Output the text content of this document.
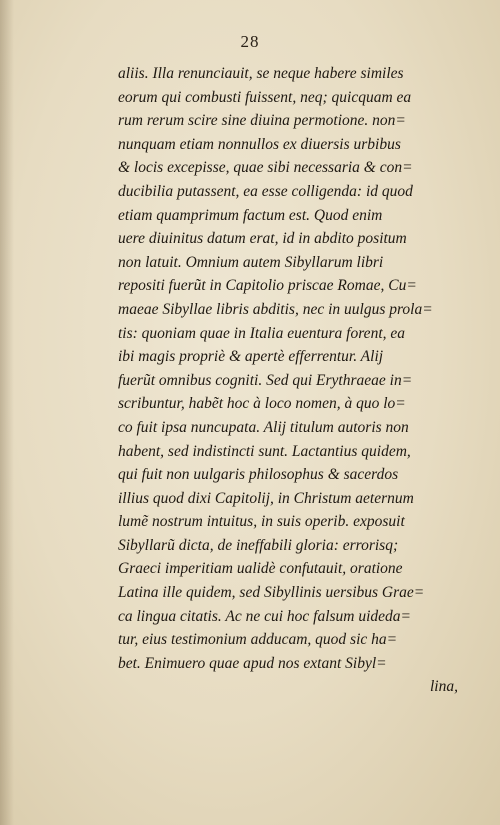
28
aliis. Illa renunciauit, se neque habere similes
eorum qui combusti fuissent, neq; quicquam ea
rum rerum scire sine diuina permotione. non=
nunquam etiam nonnullos ex diuersis urbibus
& locis excepisse, quae sibi necessaria & con=
ducibilia putassent, ea esse colligenda: id quod
etiam quamprimum factum est. Quod enim
uere diuinitus datum erat, id in abdito positum
non latuit. Omnium autem Sibyllarum libri
repositi fuerũt in Capitolio priscae Romae, Cu=
maeae Sibyllae libris abditis, nec in uulgus prola=
tis: quoniam quae in Italia euentura forent, ea
ibi magis propriè & apertè efferrentur. Alij
fuerũt omnibus cogniti. Sed qui Erythraeae in=
scribuntur, habẽt hoc à loco nomen, à quo lo=
co fuit ipsa nuncupata. Alij titulum autoris non
habent, sed indistincti sunt. Lactantius quidem,
qui fuit non uulgaris philosophus & sacerdos
illius quod dixi Capitolij, in Christum aeternum
lumẽ nostrum intuitus, in suis operib. exposuit
Sibyllarũ dicta, de ineffabili gloria: errorisq;
Graeci imperitiam ualidè confutauit, oratione
Latina ille quidem, sed Sibyllinis uersibus Grae=
ca lingua citatis. Ac ne cui hoc falsum uideda=
tur, eius testimonium adducam, quod sic ha=
bet. Enimuero quae apud nos extant Sibyl=
lina,
